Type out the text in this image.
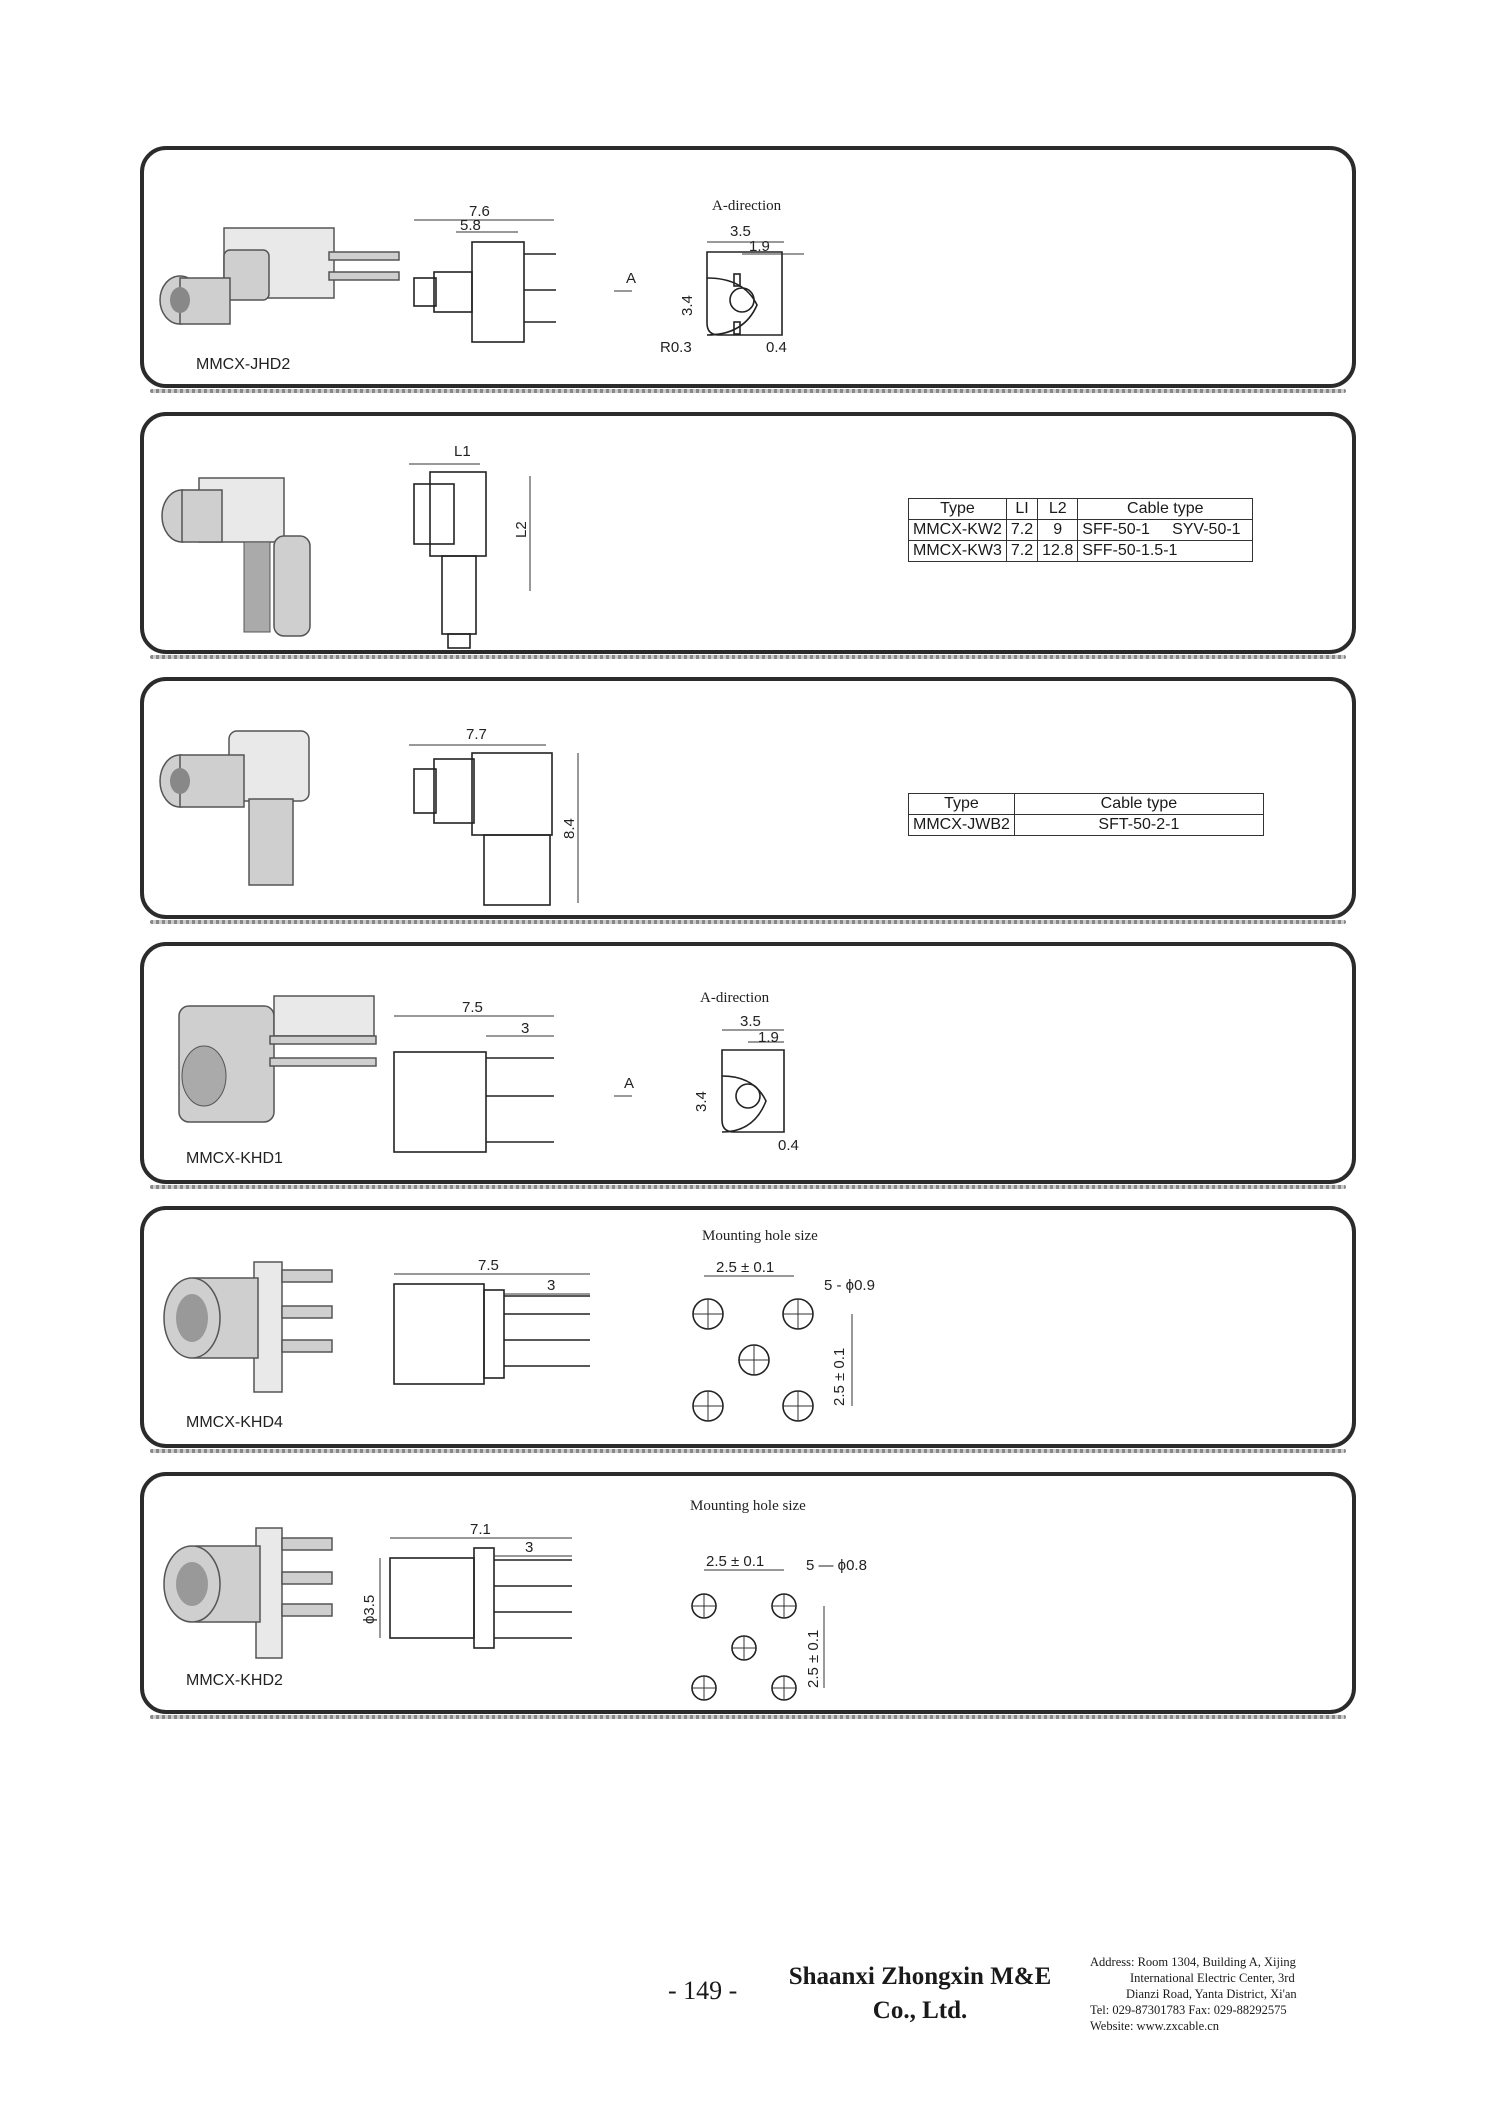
7.6
5.8
A
A-direction
3.5
1.9
3.4
R0.3	0.4
MMCX-JHD2
L1
L2
Type	LI	L2	Cable type
MMCX-KW2	7.2	9	SFF-50-1     SYV-50-1
MMCX-KW3	7.2	12.8	SFF-50-1.5-1
7.7
8.4
Type	Cable type
MMCX-JWB2	SFT-50-2-1
7.5
3
A
A-direction
3.5
1.9
3.4
0.4
MMCX-KHD1
7.5
3
Mounting hole size
2.5 ± 0.1
5 - ϕ0.9
2.5 ± 0.1
MMCX-KHD4
7.1
3
ϕ3.5
Mounting hole size
2.5 ± 0.1	5 — ϕ0.8
2.5 ± 0.1
MMCX-KHD2
- 149 -	Shaanxi Zhongxin M&E
Co., Ltd.
Address: Room 1304, Building A, Xijing
International Electric Center, 3rd
Dianzi Road, Yanta District, Xi'an
Tel: 029-87301783 Fax: 029-88292575
Website: www.zxcable.cn
